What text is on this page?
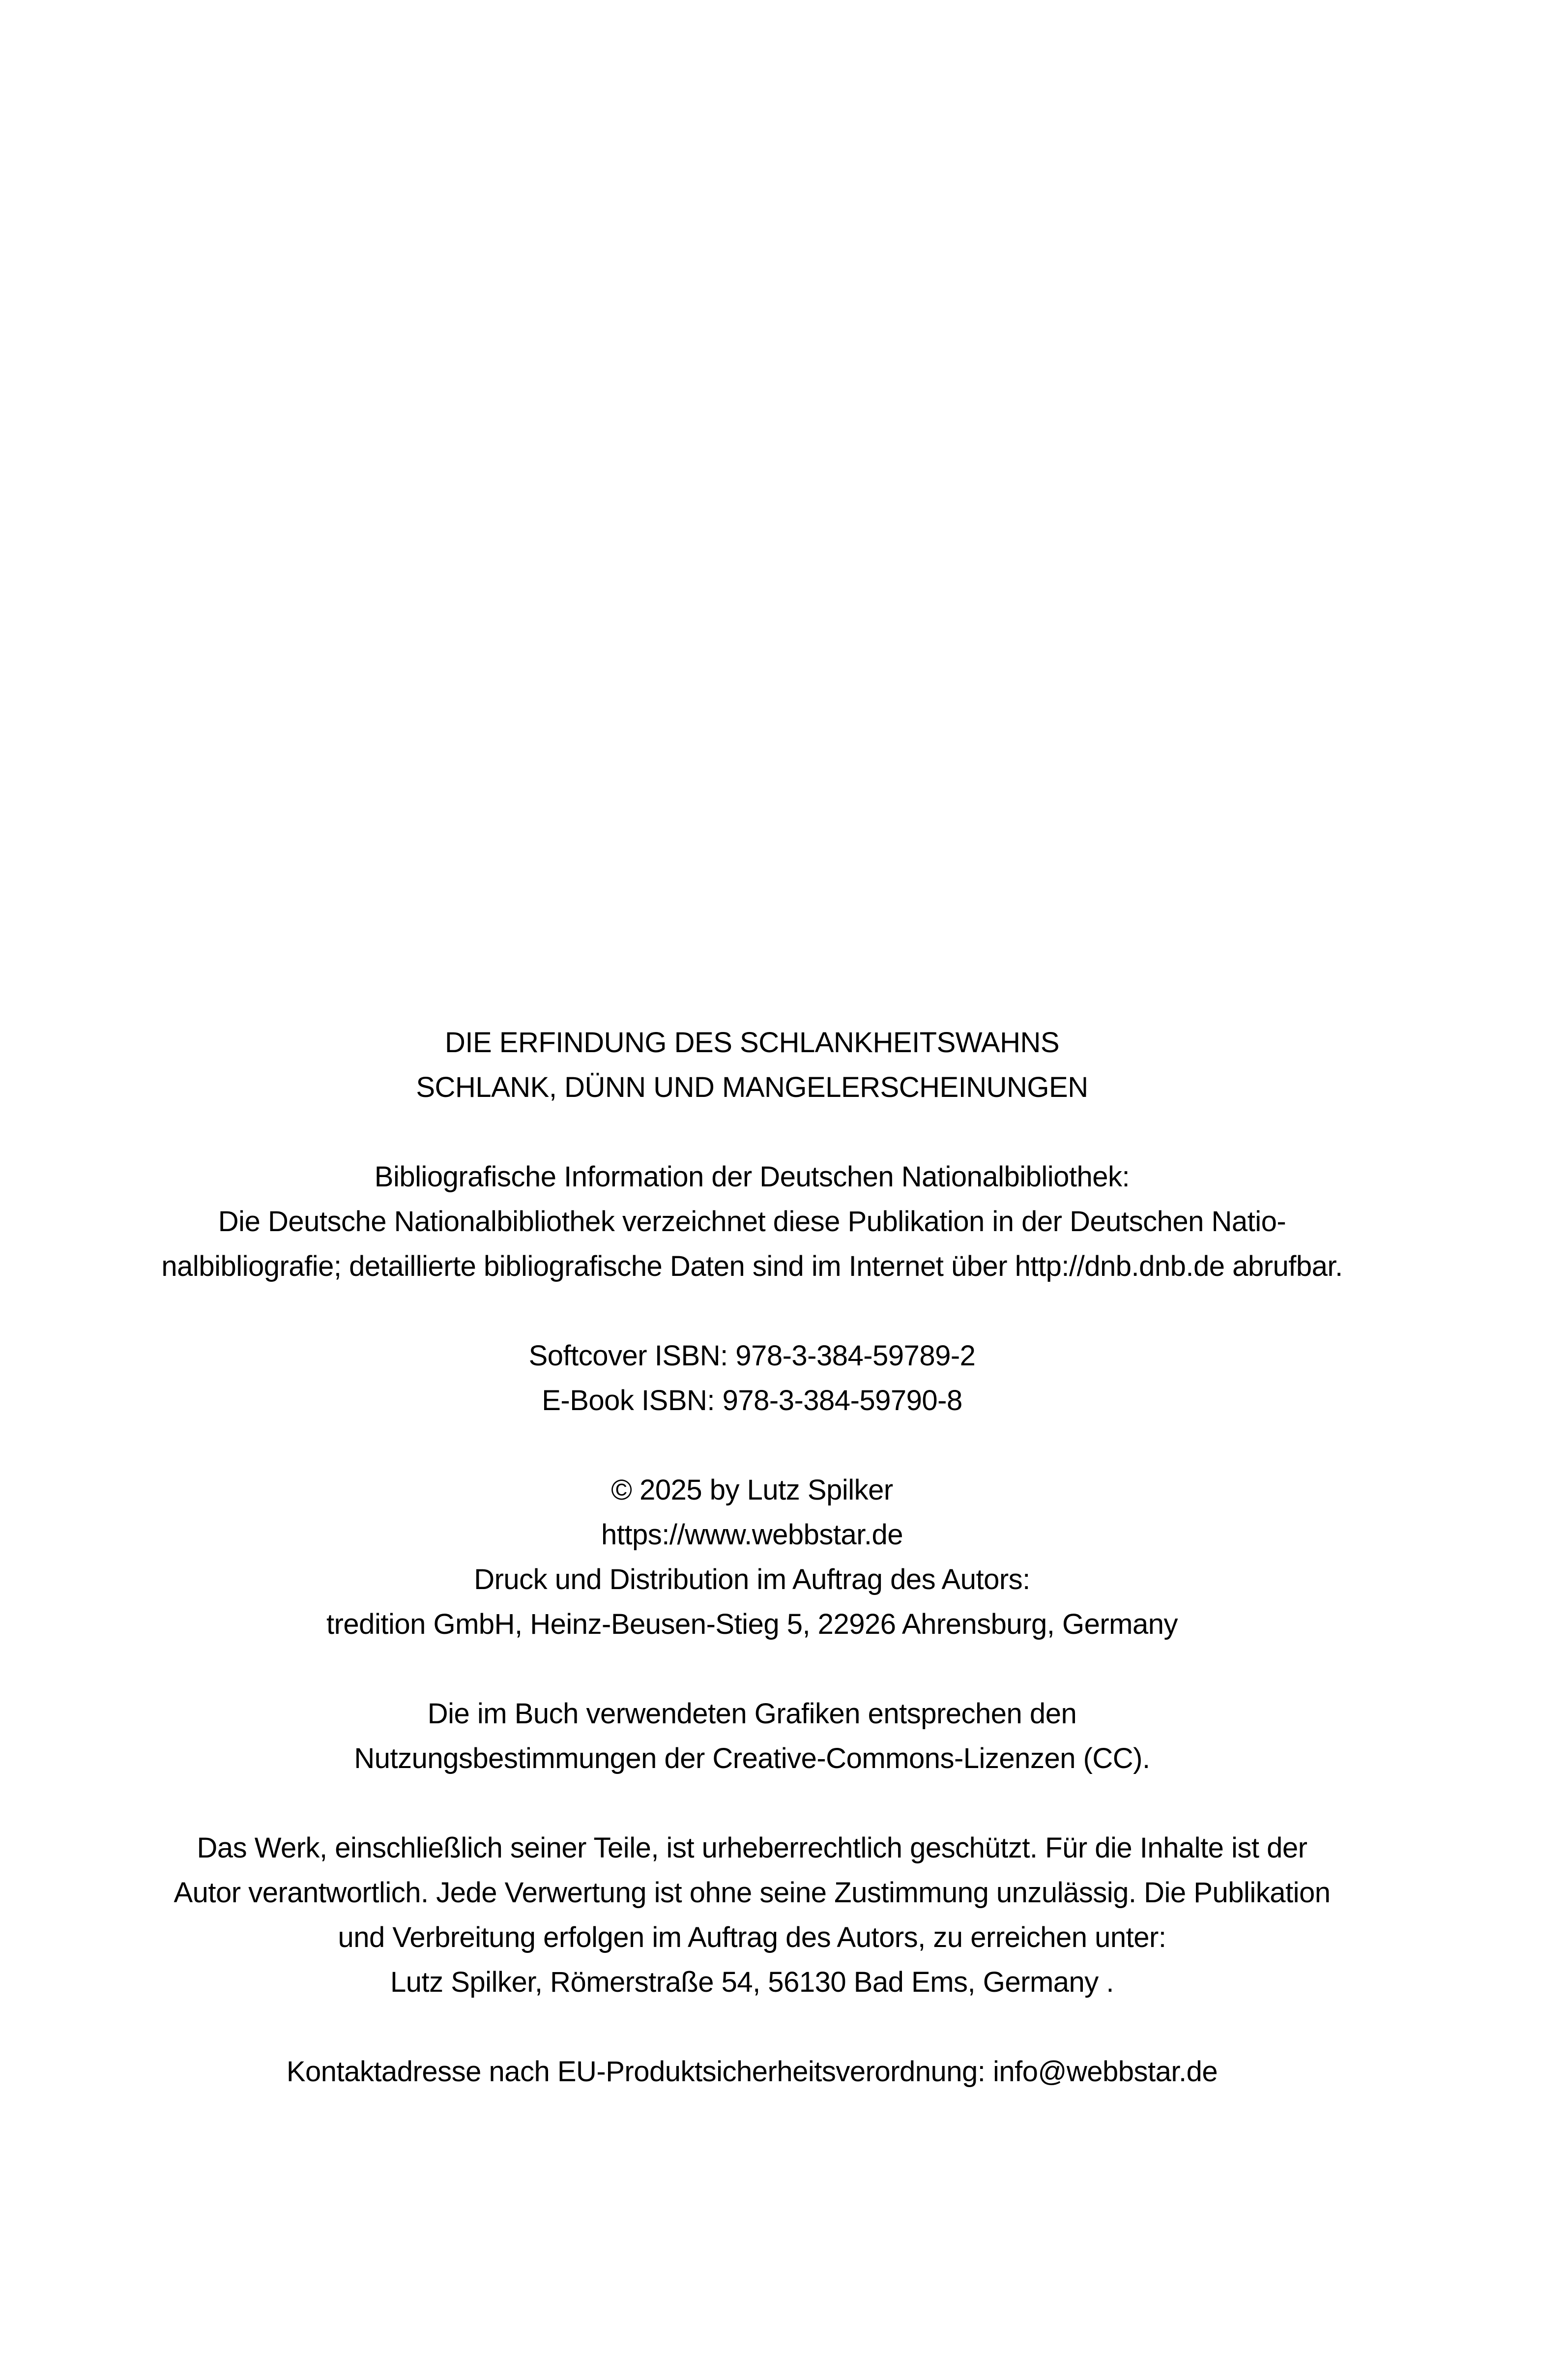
DIE ERFINDUNG DES SCHLANKHEITSWAHNS
SCHLANK, DÜNN UND MANGELERSCHEINUNGEN
Bibliografische Information der Deutschen Nationalbibliothek:
Die Deutsche Nationalbibliothek verzeichnet diese Publikation in der Deutschen Natio-
nalbibliografie; detaillierte bibliografische Daten sind im Internet über http://dnb.dnb.de abrufbar.
Softcover ISBN: 978-3-384-59789-2
E-Book ISBN: 978-3-384-59790-8
© 2025 by Lutz Spilker
https://www.webbstar.de
Druck und Distribution im Auftrag des Autors:
tredition GmbH, Heinz-Beusen-Stieg 5, 22926 Ahrensburg, Germany
Die im Buch verwendeten Grafiken entsprechen den
Nutzungsbestimmungen der Creative-Commons-Lizenzen (CC).
Das Werk, einschließlich seiner Teile, ist urheberrechtlich geschützt. Für die Inhalte ist der
Autor verantwortlich. Jede Verwertung ist ohne seine Zustimmung unzulässig. Die Publikation
und Verbreitung erfolgen im Auftrag des Autors, zu erreichen unter:
Lutz Spilker, Römerstraße 54, 56130 Bad Ems, Germany .
Kontaktadresse nach EU-Produktsicherheitsverordnung: info@webbstar.de
